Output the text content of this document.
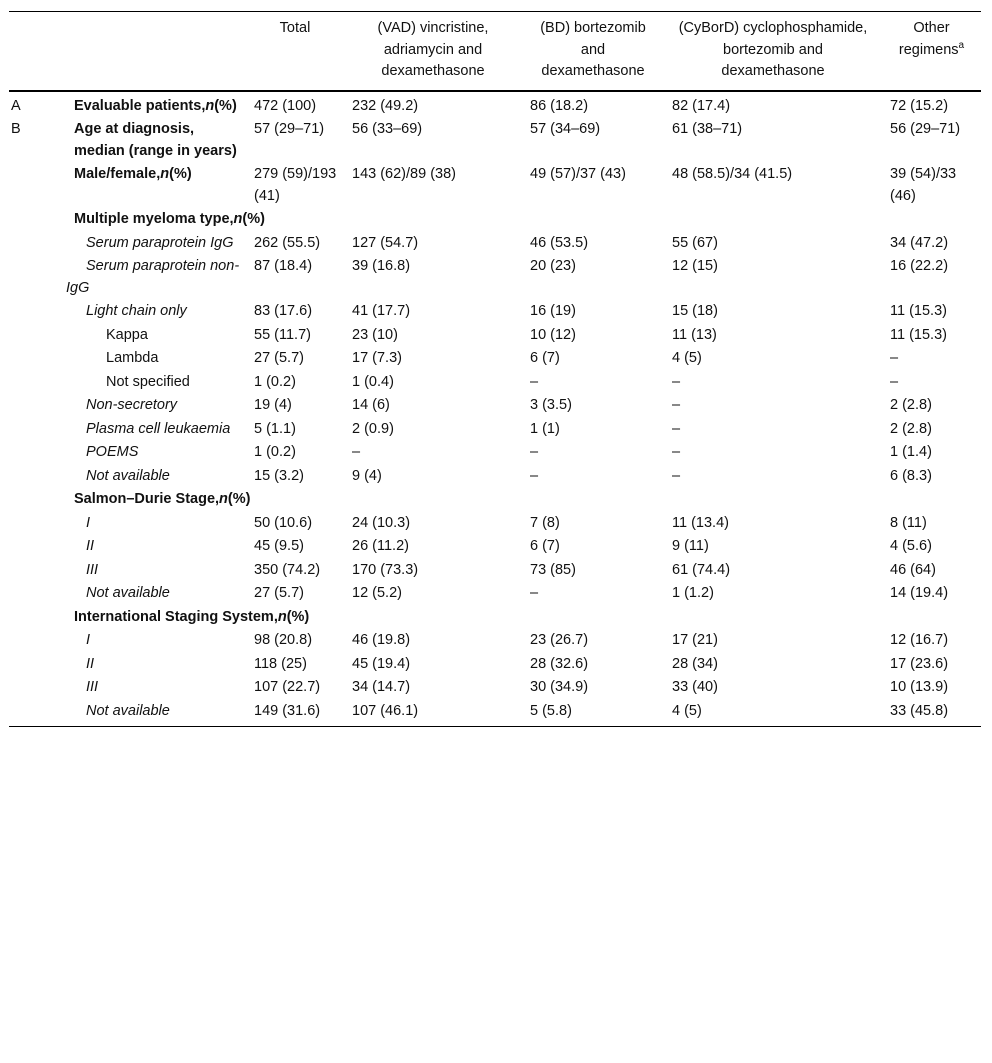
		Total	(VAD) vincristine, adriamycin and dexamethasone	(BD) bortezomib and dexamethasone	(CyBorD) cyclophosphamide, bortezomib and dexamethasone	Other regimens$^a$
A	Evaluable patients,n(%)	472 (100)	232 (49.2)	86 (18.2)	82 (17.4)	72 (15.2)
B	Age at diagnosis, median (range in years)	57 (29–71)	56 (33–69)	57 (34–69)	61 (38–71)	56 (29–71)
	Male/female,n(%)	279 (59)/193 (41)	143 (62)/89 (38)	49 (57)/37 (43)	48 (58.5)/34 (41.5)	39 (54)/33 (46)
	Multiple myeloma type,n(%)					
	Serum paraprotein IgG	262 (55.5)	127 (54.7)	46 (53.5)	55 (67)	34 (47.2)
	Serum paraprotein non-IgG	87 (18.4)	39 (16.8)	20 (23)	12 (15)	16 (22.2)
	Light chain only	83 (17.6)	41 (17.7)	16 (19)	15 (18)	11 (15.3)
	Kappa	55 (11.7)	23 (10)	10 (12)	11 (13)	11 (15.3)
	Lambda	27 (5.7)	17 (7.3)	6 (7)	4 (5)	–
	Not specified	1 (0.2)	1 (0.4)	–	–	–
	Non-secretory	19 (4)	14 (6)	3 (3.5)	–	2 (2.8)
	Plasma cell leukaemia	5 (1.1)	2 (0.9)	1 (1)	–	2 (2.8)
	POEMS	1 (0.2)	–	–	–	1 (1.4)
	Not available	15 (3.2)	9 (4)	–	–	6 (8.3)
	Salmon–Durie Stage,n(%)					
	I	50 (10.6)	24 (10.3)	7 (8)	11 (13.4)	8 (11)
	II	45 (9.5)	26 (11.2)	6 (7)	9 (11)	4 (5.6)
	III	350 (74.2)	170 (73.3)	73 (85)	61 (74.4)	46 (64)
	Not available	27 (5.7)	12 (5.2)	–	1 (1.2)	14 (19.4)
	International Staging System,n(%)					
	I	98 (20.8)	46 (19.8)	23 (26.7)	17 (21)	12 (16.7)
	II	118 (25)	45 (19.4)	28 (32.6)	28 (34)	17 (23.6)
	III	107 (22.7)	34 (14.7)	30 (34.9)	33 (40)	10 (13.9)
	Not available	149 (31.6)	107 (46.1)	5 (5.8)	4 (5)	33 (45.8)
